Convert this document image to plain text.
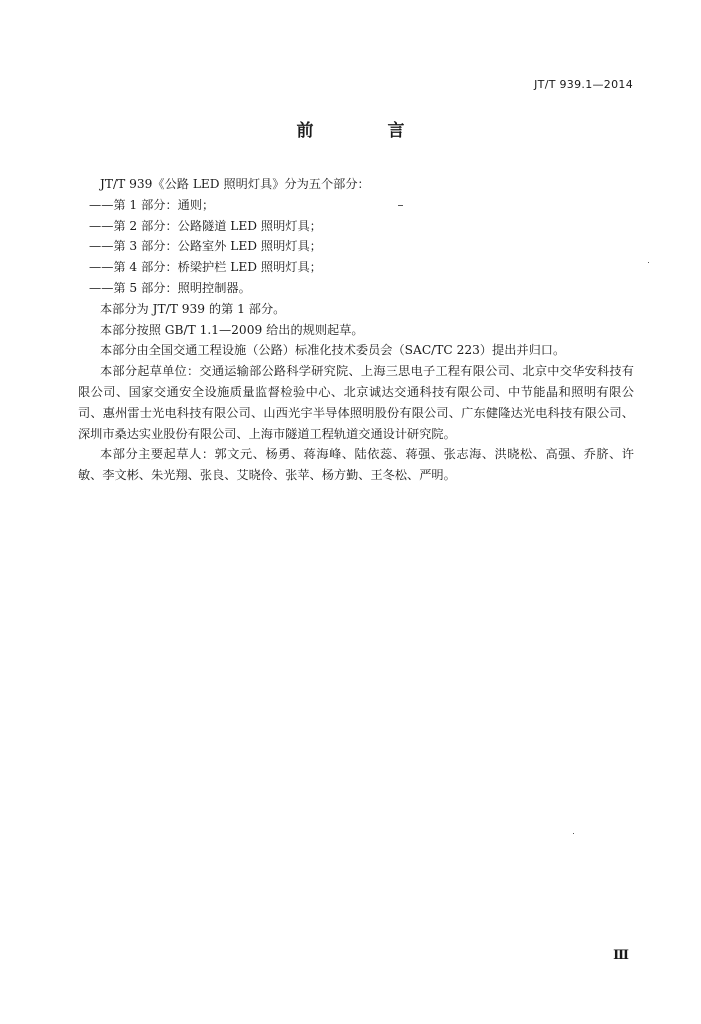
JT/T 939.1—2014
前 言

JT/T 939《公路 LED 照明灯具》分为五个部分：

——第 1 部分：通则；

——第 2 部分：公路隧道 LED 照明灯具；

——第 3 部分：公路室外 LED 照明灯具；

——第 4 部分：桥梁护栏 LED 照明灯具；

——第 5 部分：照明控制器。

本部分为 JT/T 939 的第 1 部分。

本部分按照 GB/T 1.1—2009 给出的规则起草。

本部分由全国交通工程设施（公路）标准化技术委员会（SAC/TC 223）提出并归口。

本部分起草单位：交通运输部公路科学研究院、上海三思电子工程有限公司、北京中交华安科技有限公司、国家交通安全设施质量监督检验中心、北京诚达交通科技有限公司、中节能晶和照明有限公司、惠州雷士光电科技有限公司、山西光宇半导体照明股份有限公司、广东健隆达光电科技有限公司、深圳市桑达实业股份有限公司、上海市隧道工程轨道交通设计研究院。

本部分主要起草人：郭文元、杨勇、蒋海峰、陆依蕊、蒋强、张志海、洪晓松、高强、乔脐、许敏、李文彬、朱光翔、张良、艾晓伶、张苹、杨方勤、王冬松、严明。

Ⅲ
